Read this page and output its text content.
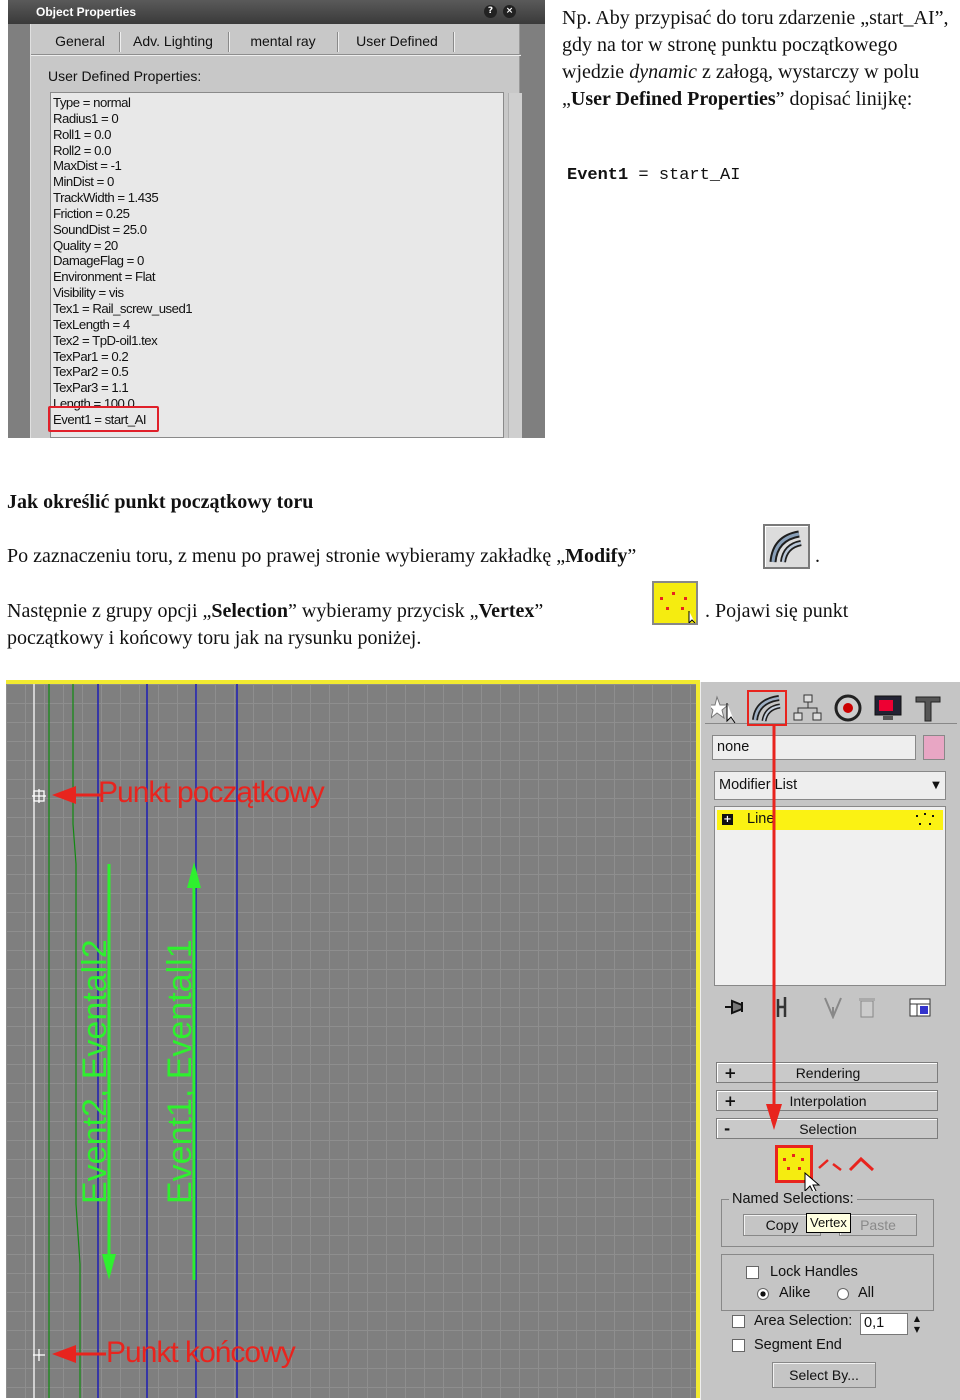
Object Properties	?	×
General	Adv. Lighting	mental ray	User Defined
User Defined Properties:
Type = normal
Radius1 = 0
Roll1 = 0.0
Roll2 = 0.0
MaxDist = -1
MinDist = 0
TrackWidth = 1.435
Friction = 0.25
SoundDist = 25.0
Quality = 20
DamageFlag = 0
Environment = Flat
Visibility = vis
Tex1 = Rail_screw_used1
TexLength = 4
Tex2 = TpD-oil1.tex
TexPar1 = 0.2
TexPar2 = 0.5
TexPar3 = 1.1
Length = 100.0
Event1 = start_AI
Np. Aby przypisać do toru zdarzenie „start_AI”, gdy na tor w stronę punktu początkowego wjedzie dynamic z załogą, wystarczy w polu „User Defined Properties” dopisać linijkę:
Event1 = start_AI
Jak określić punkt początkowy toru
Po zaznaczeniu toru, z menu po prawej stronie wybieramy zakładkę „Modify”	.
Następnie z grupy opcji „Selection” wybieramy przycisk „Vertex”	. Pojawi się punkt
początkowy i końcowy toru jak na rysunku poniżej.
Punkt początkowy
Punkt końcowy
Event2, Eventall2 Event1, Eventall1
none
Modifier List	▼
+ Line
+	Rendering
+	Interpolation
-	Selection
Named Selections:
Copy	Paste
Vertex
Lock Handles
Alike	All
Area Selection: 0,1	▲
▼
Segment End
Select By...
